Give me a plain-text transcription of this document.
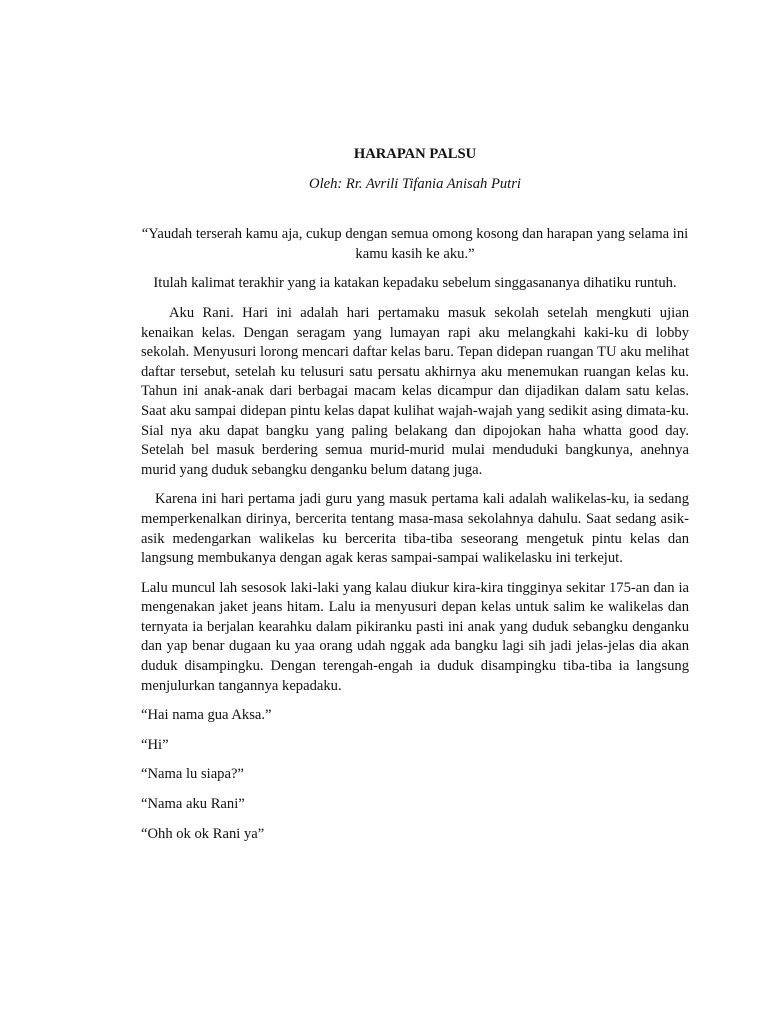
HARAPAN PALSU

Oleh: Rr. Avrili Tifania Anisah Putri

“Yaudah terserah kamu aja, cukup dengan semua omong kosong dan harapan yang selama ini kamu kasih ke aku.”

Itulah kalimat terakhir yang ia katakan kepadaku sebelum singgasananya dihatiku runtuh.

Aku Rani. Hari ini adalah hari pertamaku masuk sekolah setelah mengkuti ujian kenaikan kelas. Dengan seragam yang lumayan rapi aku melangkahi kaki-ku di lobby sekolah. Menyusuri lorong mencari daftar kelas baru. Tepan didepan ruangan TU aku melihat daftar tersebut, setelah ku telusuri satu persatu akhirnya aku menemukan ruangan kelas ku. Tahun ini anak-anak dari berbagai macam kelas dicampur dan dijadikan dalam satu kelas. Saat aku sampai didepan pintu kelas dapat kulihat wajah-wajah yang sedikit asing dimata-ku. Sial nya aku dapat bangku yang paling belakang dan dipojokan haha whatta good day. Setelah bel masuk berdering semua murid-murid mulai menduduki bangkunya, anehnya murid yang duduk sebangku denganku belum datang juga.

Karena ini hari pertama jadi guru yang masuk pertama kali adalah walikelas-ku, ia sedang memperkenalkan dirinya, bercerita tentang masa-masa sekolahnya dahulu. Saat sedang asik-asik medengarkan walikelas ku bercerita tiba-tiba seseorang mengetuk pintu kelas dan langsung membukanya dengan agak keras sampai-sampai walikelasku ini terkejut.

Lalu muncul lah sesosok laki-laki yang kalau diukur kira-kira tingginya sekitar 175-an dan ia mengenakan jaket jeans hitam. Lalu ia menyusuri depan kelas untuk salim ke walikelas dan ternyata ia berjalan kearahku dalam pikiranku pasti ini anak yang duduk sebangku denganku dan yap benar dugaan ku yaa orang udah nggak ada bangku lagi sih jadi jelas-jelas dia akan duduk disampingku. Dengan terengah-engah ia duduk disampingku tiba-tiba ia langsung menjulurkan tangannya kepadaku.

“Hai nama gua Aksa.”

“Hi”

“Nama lu siapa?”

“Nama aku Rani”

“Ohh ok ok Rani ya”
